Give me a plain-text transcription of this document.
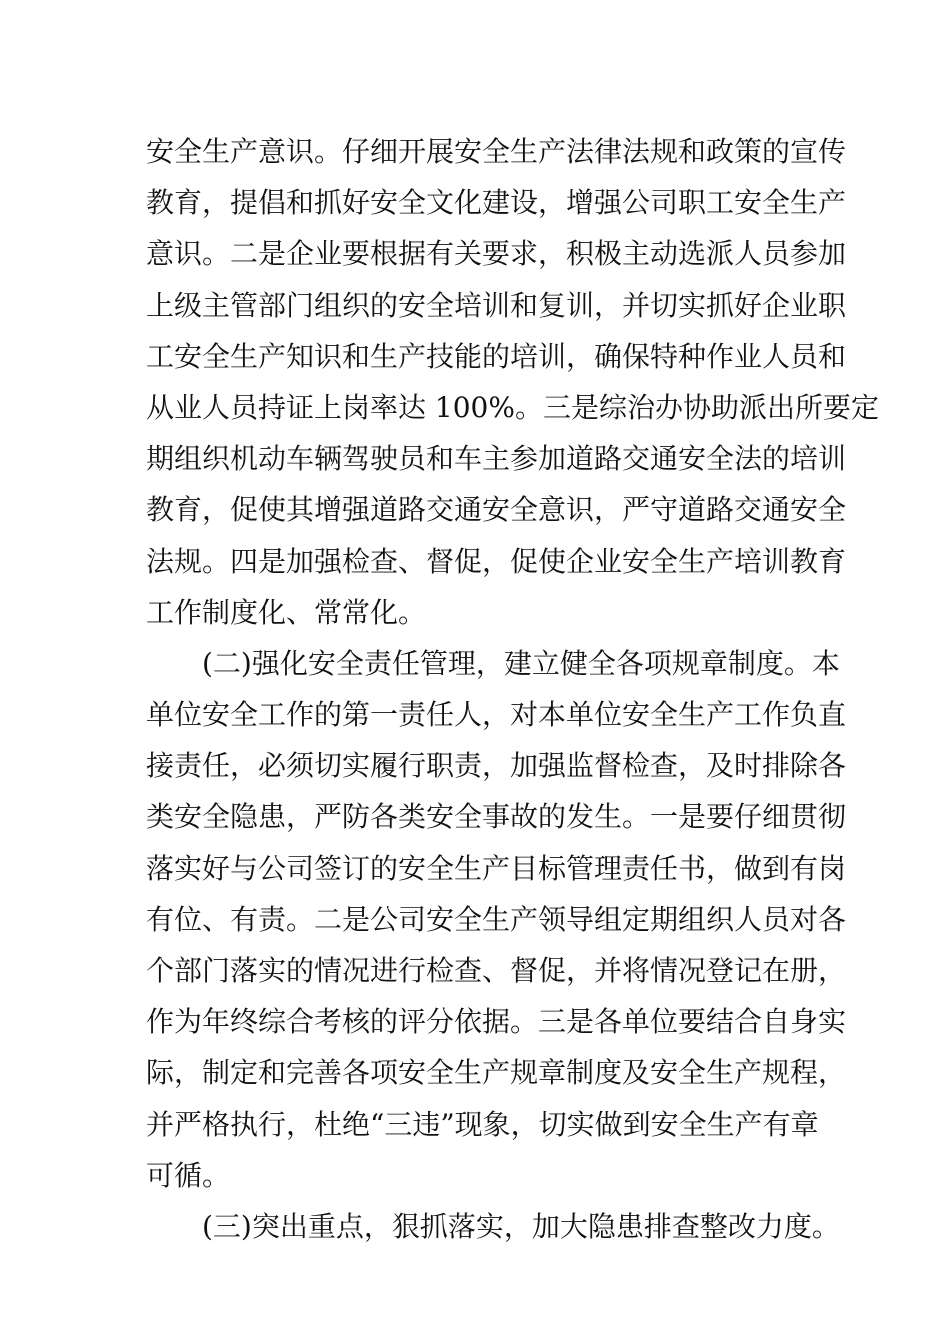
安全生产意识。仔细开展安全生产法律法规和政策的宣传
教育，提倡和抓好安全文化建设，增强公司职工安全生产
意识。二是企业要根据有关要求，积极主动选派人员参加
上级主管部门组织的安全培训和复训，并切实抓好企业职
工安全生产知识和生产技能的培训，确保特种作业人员和
从业人员持证上岗率达 100%。三是综治办协助派出所要定
期组织机动车辆驾驶员和车主参加道路交通安全法的培训
教育，促使其增强道路交通安全意识，严守道路交通安全
法规。四是加强检查、督促，促使企业安全生产培训教育
工作制度化、常常化。
(二)强化安全责任管理，建立健全各项规章制度。本
单位安全工作的第一责任人，对本单位安全生产工作负直
接责任，必须切实履行职责，加强监督检查，及时排除各
类安全隐患，严防各类安全事故的发生。一是要仔细贯彻
落实好与公司签订的安全生产目标管理责任书，做到有岗
有位、有责。二是公司安全生产领导组定期组织人员对各
个部门落实的情况进行检查、督促，并将情况登记在册，
作为年终综合考核的评分依据。三是各单位要结合自身实
际，制定和完善各项安全生产规章制度及安全生产规程，
并严格执行，杜绝“三违”现象，切实做到安全生产有章
可循。
(三)突出重点，狠抓落实，加大隐患排查整改力度。
